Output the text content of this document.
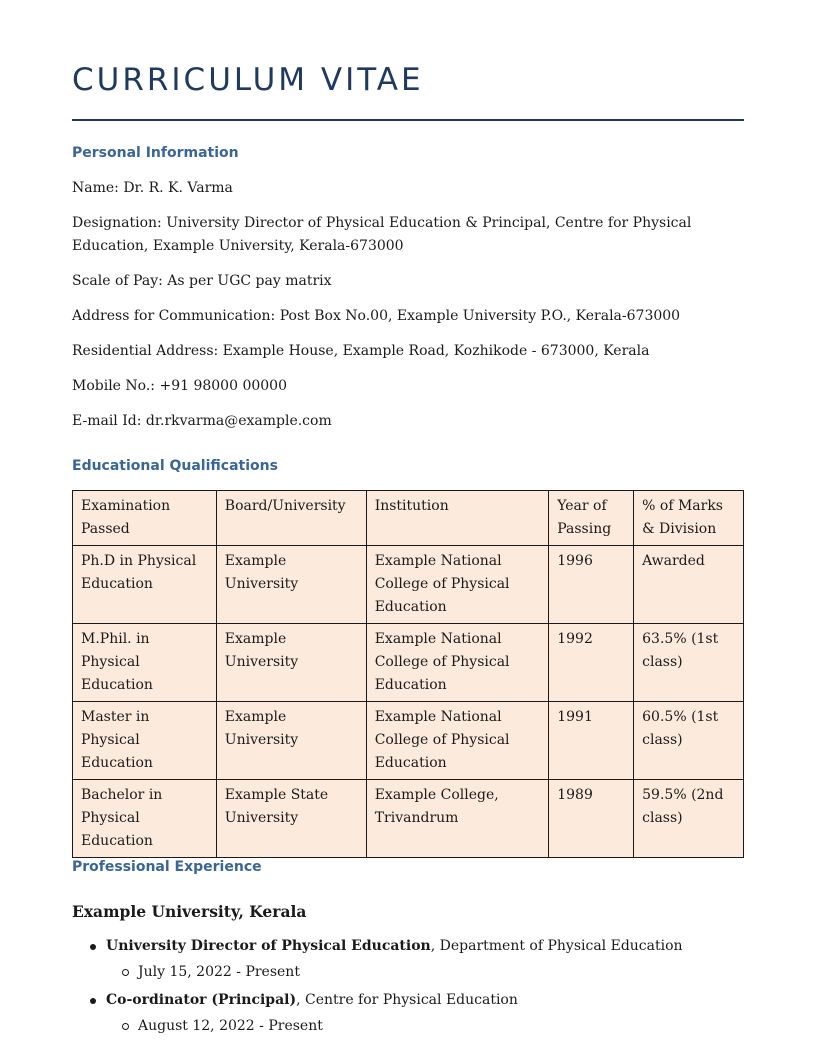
CURRICULUM VITAE
Personal Information

Name: Dr. R. K. Varma

Designation: University Director of Physical Education & Principal, Centre for Physical Education, Example University, Kerala-673000

Scale of Pay: As per UGC pay matrix

Address for Communication: Post Box No.00, Example University P.O., Kerala-673000

Residential Address: Example House, Example Road, Kozhikode - 673000, Kerala

Mobile No.: +91 98000 00000

E-mail Id: dr.rkvarma@example.com

Educational Qualifications
Examination Passed	Board/University	Institution	Year of Passing	% of Marks & Division
Ph.D in Physical Education	Example University	Example National College of Physical Education	1996	Awarded
M.Phil. in Physical Education	Example University	Example National College of Physical Education	1992	63.5% (1st class)
Master in Physical Education	Example University	Example National College of Physical Education	1991	60.5% (1st class)
Bachelor in Physical Education	Example State University	Example College, Trivandrum	1989	59.5% (2nd class)
Professional Experience
Example University, Kerala
University Director of Physical Education, Department of Physical Education
July 15, 2022 - Present
Co-ordinator (Principal), Centre for Physical Education
August 12, 2022 - Present
